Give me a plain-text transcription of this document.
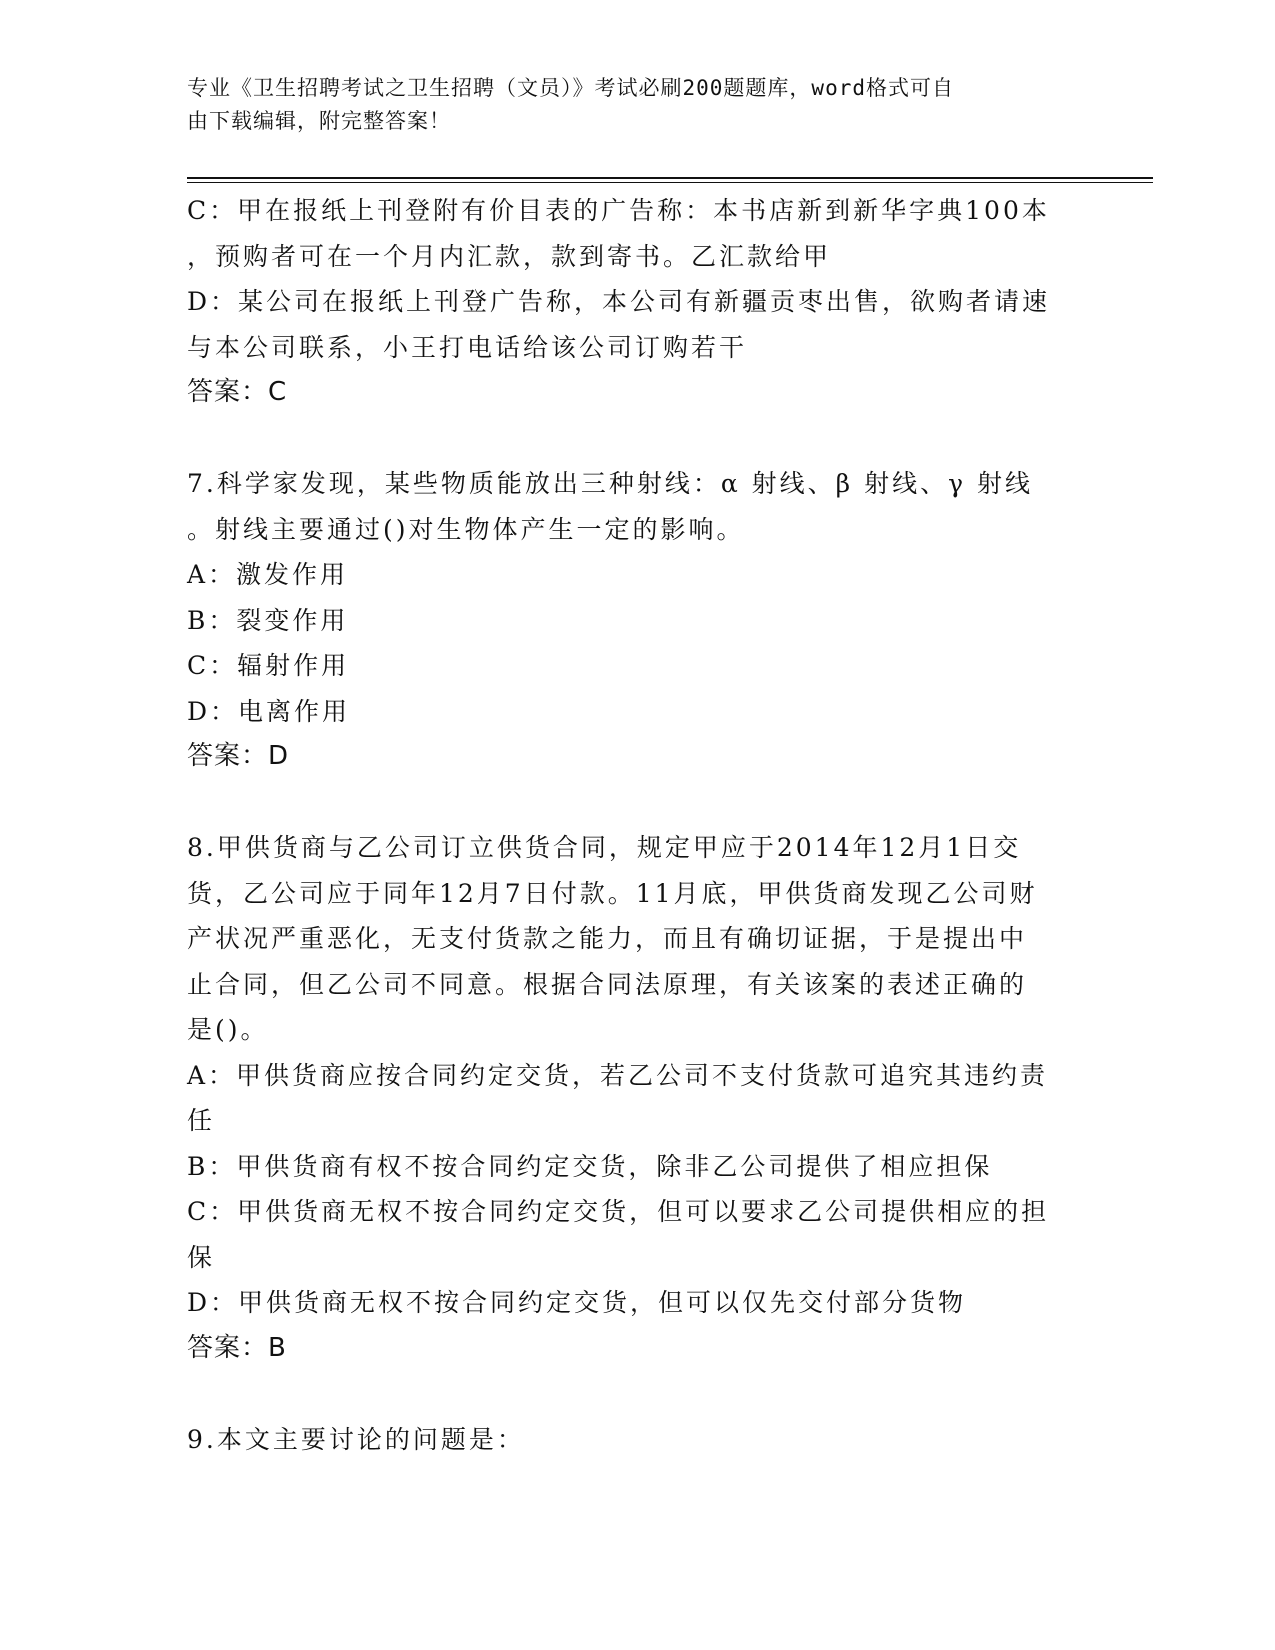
专业《卫生招聘考试之卫生招聘（文员）》考试必刷200题题库，word格式可自
由下载编辑，附完整答案！
C：甲在报纸上刊登附有价目表的广告称：本书店新到新华字典100本
，预购者可在一个月内汇款，款到寄书。乙汇款给甲
D：某公司在报纸上刊登广告称，本公司有新疆贡枣出售，欲购者请速
与本公司联系，小王打电话给该公司订购若干
答案：C
7.科学家发现，某些物质能放出三种射线：α 射线、β 射线、γ 射线
。射线主要通过()对生物体产生一定的影响。
A：激发作用
B：裂变作用
C：辐射作用
D：电离作用
答案：D
8.甲供货商与乙公司订立供货合同，规定甲应于2014年12月1日交
货，乙公司应于同年12月7日付款。11月底，甲供货商发现乙公司财
产状况严重恶化，无支付货款之能力，而且有确切证据，于是提出中
止合同，但乙公司不同意。根据合同法原理，有关该案的表述正确的
是()。
A：甲供货商应按合同约定交货，若乙公司不支付货款可追究其违约责
任
B：甲供货商有权不按合同约定交货，除非乙公司提供了相应担保
C：甲供货商无权不按合同约定交货，但可以要求乙公司提供相应的担
保
D：甲供货商无权不按合同约定交货，但可以仅先交付部分货物
答案：B
9.本文主要讨论的问题是：
